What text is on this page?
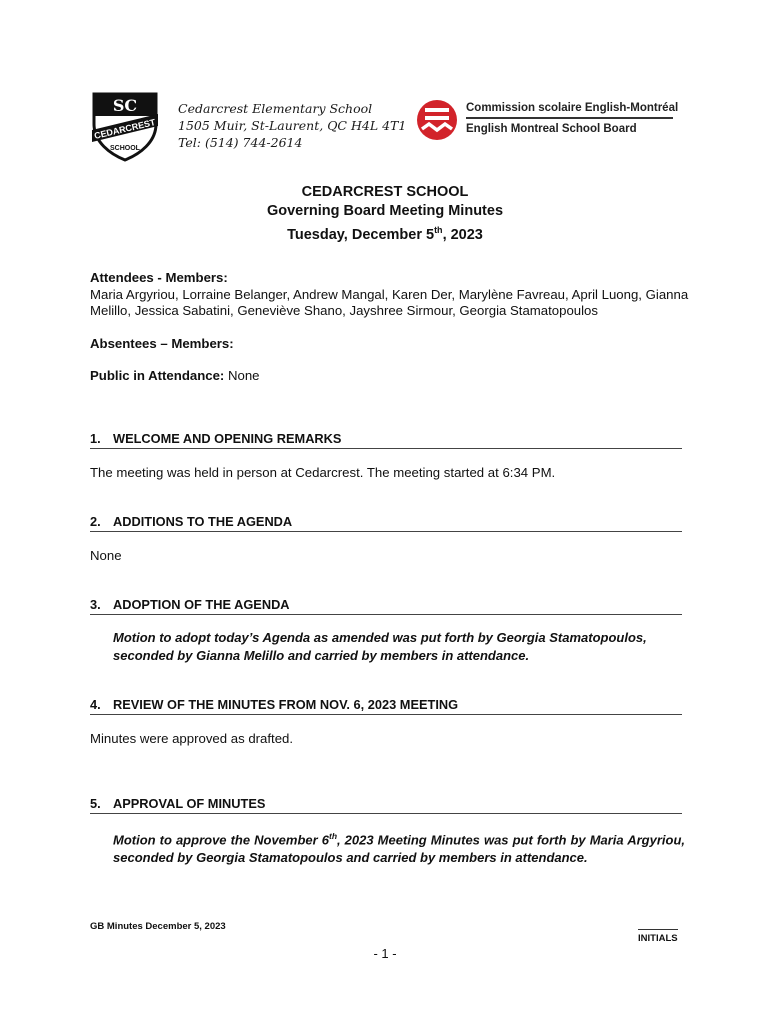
SC
CEDARCREST
SCHOOL
Cedarcrest Elementary School
1505 Muir, St-Laurent, QC H4L 4T1
Tel: (514) 744-2614
Commission scolaire English-Montréal
English Montreal School Board
CEDARCREST SCHOOL
Governing Board Meeting Minutes
Tuesday, December 5th, 2023
Attendees - Members:
Maria Argyriou, Lorraine Belanger, Andrew Mangal, Karen Der, Marylène Favreau, April Luong, Gianna Melillo, Jessica Sabatini, Geneviève Shano, Jayshree Sirmour, Georgia Stamatopoulos
Absentees – Members:
Public in Attendance: None
1. WELCOME AND OPENING REMARKS
The meeting was held in person at Cedarcrest. The meeting started at 6:34 PM.
2. ADDITIONS TO THE AGENDA
None
3. ADOPTION OF THE AGENDA
Motion to adopt today’s Agenda as amended was put forth by Georgia Stamatopoulos, seconded by Gianna Melillo and carried by members in attendance.
4. REVIEW OF THE MINUTES FROM NOV. 6, 2023 MEETING
Minutes were approved as drafted.
5. APPROVAL OF MINUTES
Motion to approve the November 6th, 2023 Meeting Minutes was put forth by Maria Argyriou, seconded by Georgia Stamatopoulos and carried by members in attendance.
GB Minutes December 5, 2023
INITIALS
- 1 -
